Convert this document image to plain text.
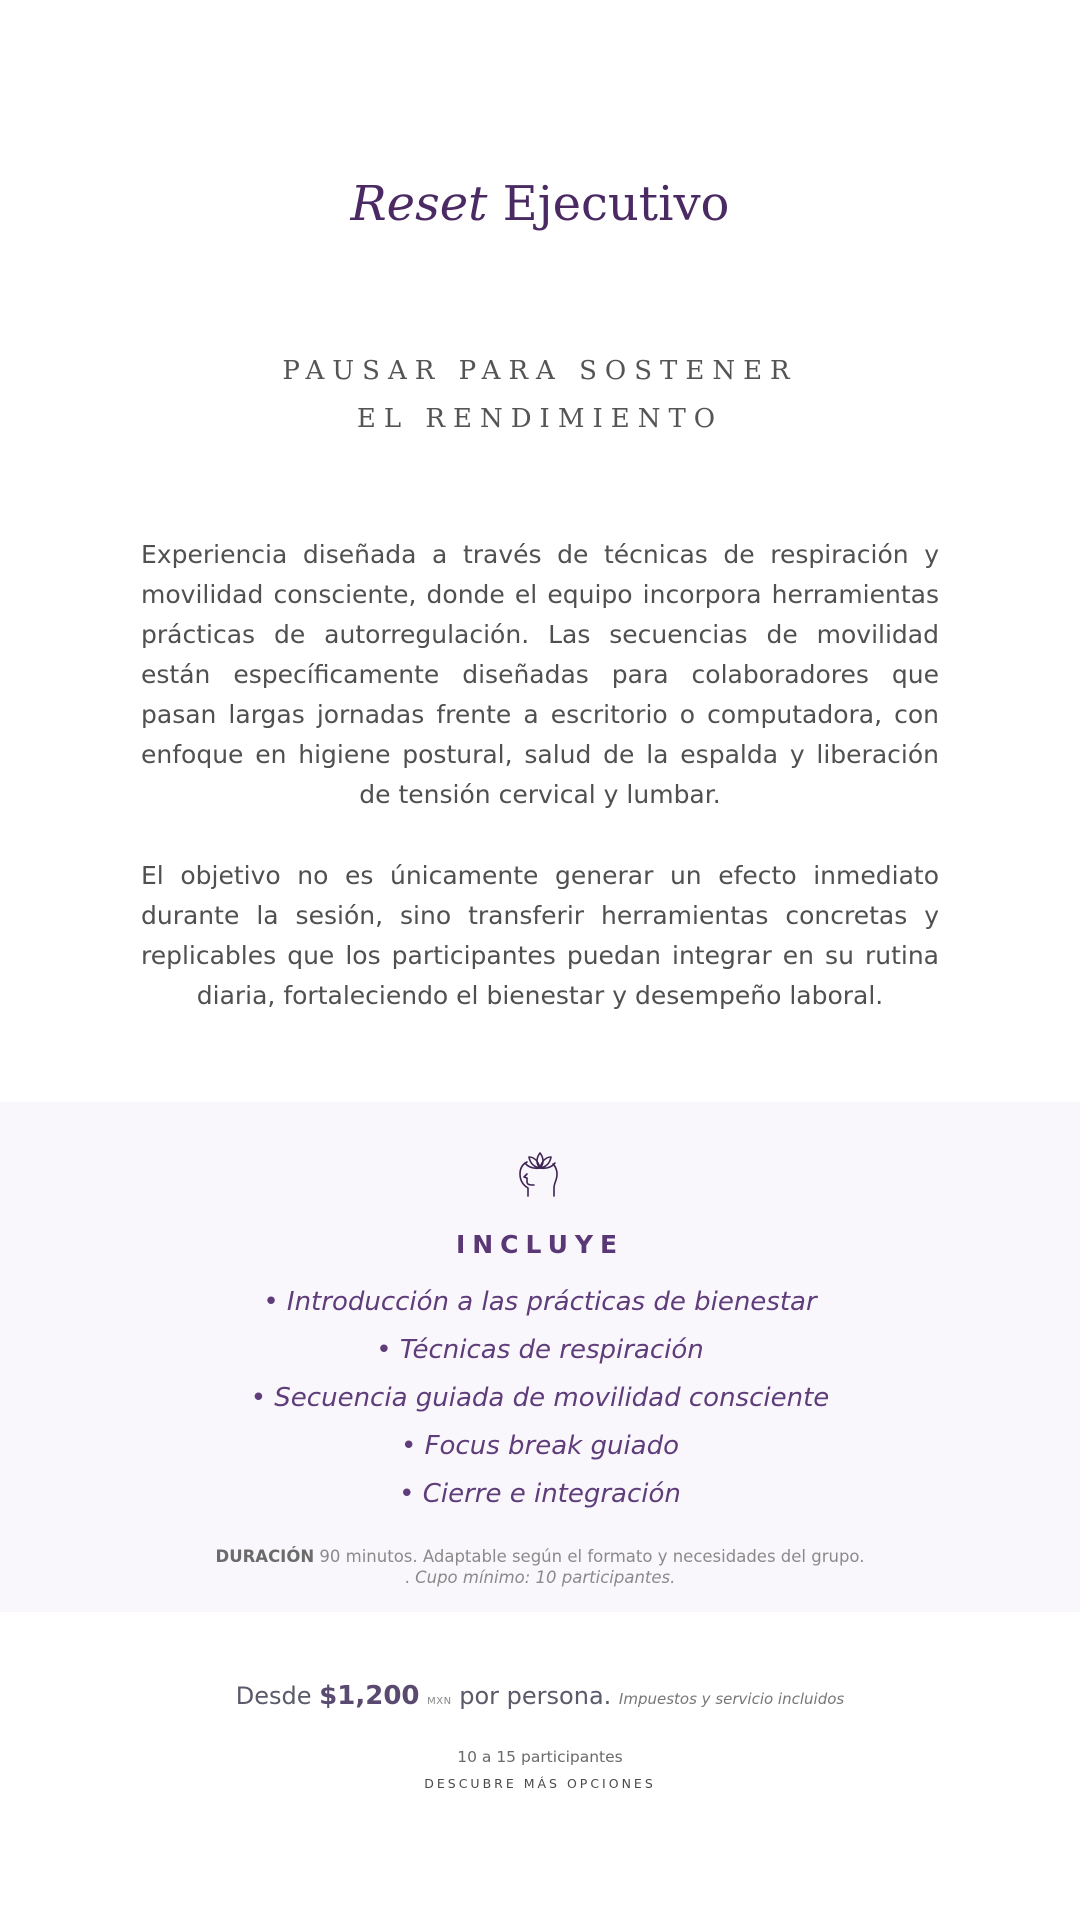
Reset Ejecutivo
PAUSAR PARA SOSTENER
EL RENDIMIENTO

Experiencia diseñada a través de técnicas de respiración y movilidad consciente, donde el equipo incorpora herramientas prácticas de autorregulación. Las secuencias de movilidad están específicamente diseñadas para colaboradores que pasan largas jornadas frente a escritorio o computadora, con enfoque en higiene postural, salud de la espalda y liberación de tensión cervical y lumbar.

El objetivo no es únicamente generar un efecto inmediato durante la sesión, sino transferir herramientas concretas y replicables que los participantes puedan integrar en su rutina diaria, fortaleciendo el bienestar y desempeño laboral.

INCLUYE
• Introducción a las prácticas de bienestar
• Técnicas de respiración
• Secuencia guiada de movilidad consciente
• Focus break guiado
• Cierre e integración
DURACIÓN 90 minutos. Adaptable según el formato y necesidades del grupo.
. Cupo mínimo: 10 participantes.
Desde $1,200 MXN por persona. Impuestos y servicio incluidos
10 a 15 participantes
DESCUBRE MÁS OPCIONES
